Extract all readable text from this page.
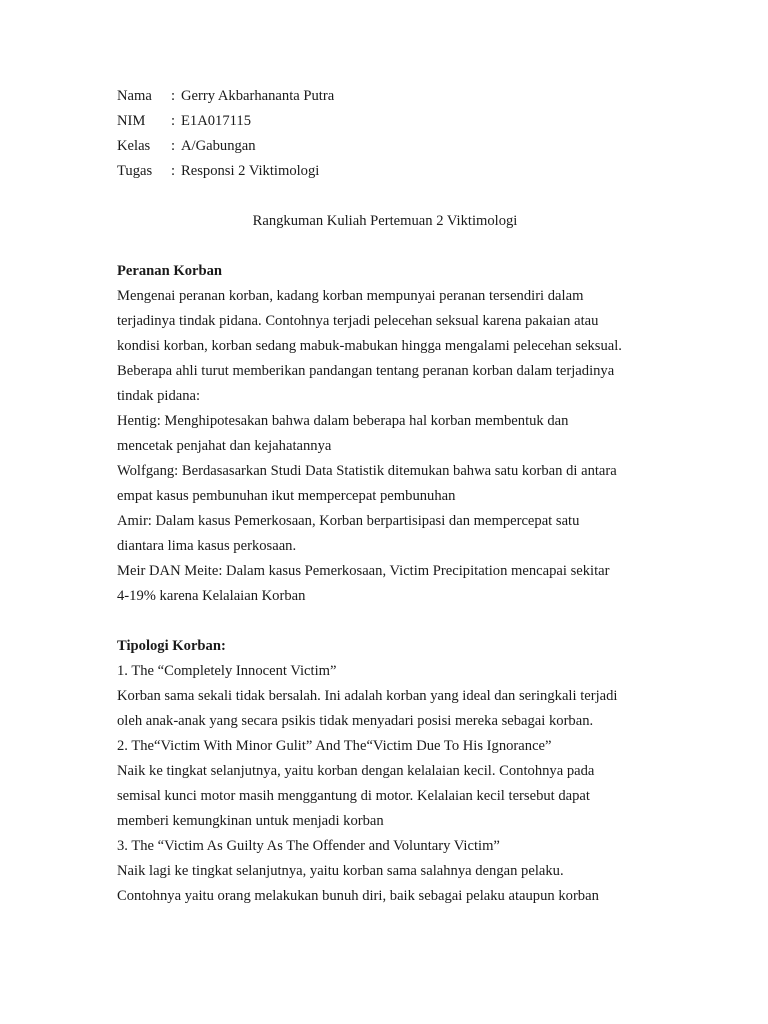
Nama	: Gerry Akbarhananta Putra
NIM	: E1A017115
Kelas	: A/Gabungan
Tugas	: Responsi 2 Viktimologi
Rangkuman Kuliah Pertemuan 2 Viktimologi
Peranan Korban
Mengenai peranan korban, kadang korban mempunyai peranan tersendiri dalam
terjadinya tindak pidana. Contohnya terjadi pelecehan seksual karena pakaian atau
kondisi korban, korban sedang mabuk-mabukan hingga mengalami pelecehan seksual.
Beberapa ahli turut memberikan pandangan tentang peranan korban dalam terjadinya
tindak pidana:
Hentig: Menghipotesakan bahwa dalam beberapa hal korban membentuk dan
mencetak penjahat dan kejahatannya
Wolfgang: Berdasasarkan Studi Data Statistik ditemukan bahwa satu korban di antara
empat kasus pembunuhan ikut mempercepat pembunuhan
Amir: Dalam kasus Pemerkosaan, Korban berpartisipasi dan mempercepat satu
diantara lima kasus perkosaan.
Meir DAN Meite: Dalam kasus Pemerkosaan, Victim Precipitation mencapai sekitar
4-19% karena Kelalaian Korban
Tipologi Korban:
1. The “Completely Innocent Victim”
Korban sama sekali tidak bersalah. Ini adalah korban yang ideal dan seringkali terjadi
oleh anak-anak yang secara psikis tidak menyadari posisi mereka sebagai korban.
2. The“Victim With Minor Gulit” And The“Victim Due To His Ignorance”
Naik ke tingkat selanjutnya, yaitu korban dengan kelalaian kecil. Contohnya pada
semisal kunci motor masih menggantung di motor. Kelalaian kecil tersebut dapat
memberi kemungkinan untuk menjadi korban
3. The “Victim As Guilty As The Offender and Voluntary Victim”
Naik lagi ke tingkat selanjutnya, yaitu korban sama salahnya dengan pelaku.
Contohnya yaitu orang melakukan bunuh diri, baik sebagai pelaku ataupun korban
